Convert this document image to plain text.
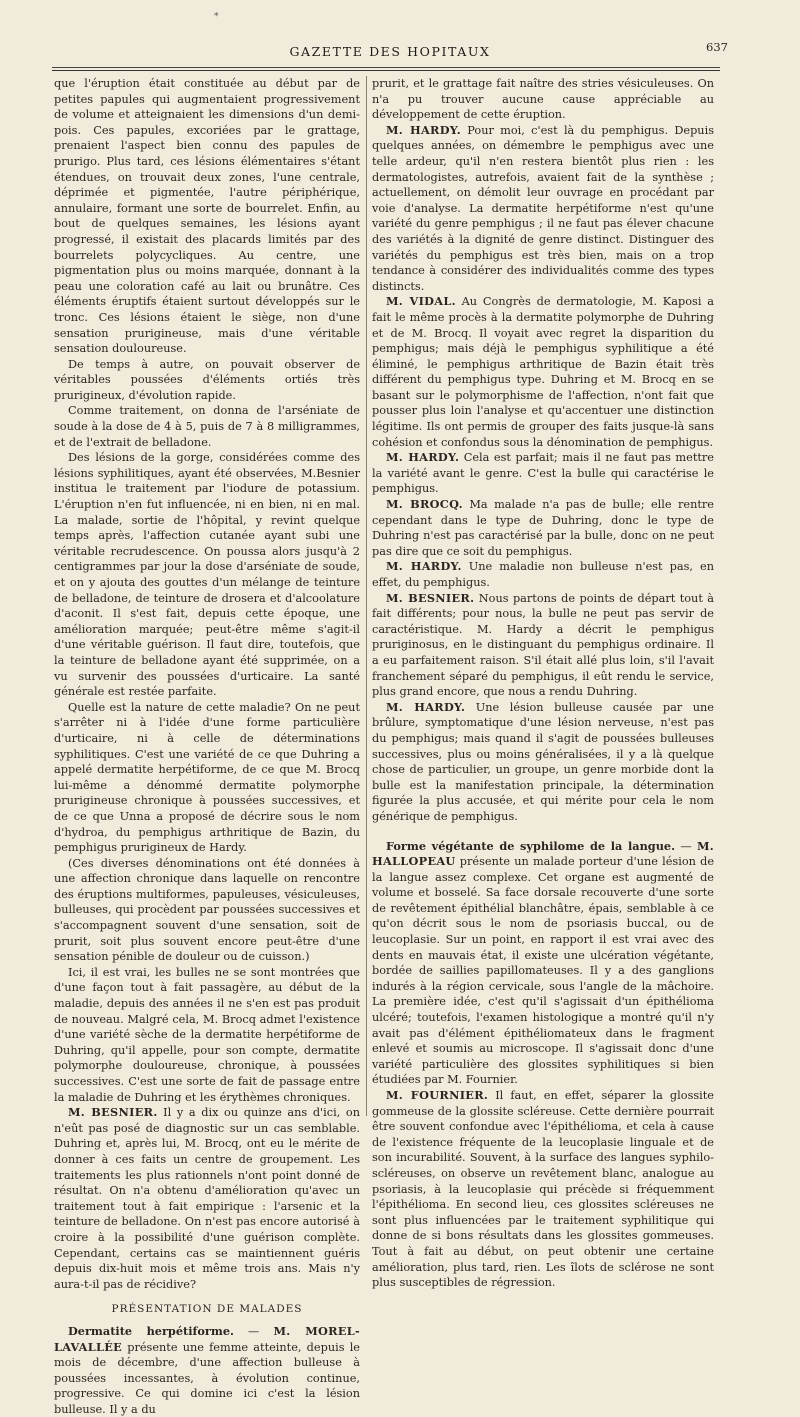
*
GAZETTE DES HOPITAUX	637

que l'éruption était constituée au début par de petites papules qui augmentaient progressivement de volume et atteignaient les dimensions d'un demi-pois. Ces papules, excoriées par le grattage, prenaient l'aspect bien connu des papules de prurigo. Plus tard, ces lésions élémentaires s'étant étendues, on trouvait deux zones, l'une centrale, déprimée et pigmentée, l'autre périphérique, annulaire, formant une sorte de bourrelet. Enfin, au bout de quelques semaines, les lésions ayant progressé, il existait des placards limités par des bourrelets polycycliques. Au centre, une pigmentation plus ou moins marquée, donnant à la peau une coloration café au lait ou brunâtre. Ces éléments éruptifs étaient surtout développés sur le tronc. Ces lésions étaient le siège, non d'une sensation prurigineuse, mais d'une véritable sensation douloureuse.

De temps à autre, on pouvait observer de véritables poussées d'éléments ortiés très prurigineux, d'évolution rapide.

Comme traitement, on donna de l'arséniate de soude à la dose de 4 à 5, puis de 7 à 8 milligrammes, et de l'extrait de belladone.

Des lésions de la gorge, considérées comme des lésions syphilitiques, ayant été observées, M.Besnier institua le traitement par l'iodure de potassium. L'éruption n'en fut influencée, ni en bien, ni en mal. La malade, sortie de l'hôpital, y revint quelque temps après, l'affection cutanée ayant subi une véritable recrudescence. On poussa alors jusqu'à 2 centigrammes par jour la dose d'arséniate de soude, et on y ajouta des gouttes d'un mélange de teinture de belladone, de teinture de drosera et d'alcoolature d'aconit. Il s'est fait, depuis cette époque, une amélioration marquée; peut-être même s'agit-il d'une véritable guérison. Il faut dire, toutefois, que la teinture de belladone ayant été supprimée, on a vu survenir des poussées d'urticaire. La santé générale est restée parfaite.

Quelle est la nature de cette maladie? On ne peut s'arrêter ni à l'idée d'une forme particulière d'urticaire, ni à celle de déterminations syphilitiques. C'est une variété de ce que Duhring a appelé dermatite herpétiforme, de ce que M. Brocq lui-même a dénommé dermatite polymorphe prurigineuse chronique à poussées successives, et de ce que Unna a proposé de décrire sous le nom d'hydroa, du pemphigus arthritique de Bazin, du pemphigus prurigineux de Hardy.

(Ces diverses dénominations ont été données à une affection chronique dans laquelle on rencontre des éruptions multiformes, papuleuses, vésiculeuses, bulleuses, qui procèdent par poussées successives et s'accompagnent souvent d'une sensation, soit de prurit, soit plus souvent encore peut-être d'une sensation pénible de douleur ou de cuisson.)

Ici, il est vrai, les bulles ne se sont montrées que d'une façon tout à fait passagère, au début de la maladie, depuis des années il ne s'en est pas produit de nouveau. Malgré cela, M. Brocq admet l'existence d'une variété sèche de la dermatite herpétiforme de Duhring, qu'il appelle, pour son compte, dermatite polymorphe douloureuse, chronique, à poussées successives. C'est une sorte de fait de passage entre la maladie de Duhring et les érythèmes chroniques.

M. BESNIER. Il y a dix ou quinze ans d'ici, on n'eût pas posé de diagnostic sur un cas semblable. Duhring et, après lui, M. Brocq, ont eu le mérite de donner à ces faits un centre de groupement. Les traitements les plus rationnels n'ont point donné de résultat. On n'a obtenu d'amélioration qu'avec un traitement tout à fait empirique : l'arsenic et la teinture de belladone. On n'est pas encore autorisé à croire à la possibilité d'une guérison complète. Cependant, certains cas se maintiennent guéris depuis dix-huit mois et même trois ans. Mais n'y aura-t-il pas de récidive?

PRÉSENTATION DE MALADES

Dermatite herpétiforme. — M. MOREL-LAVALLÉE présente une femme atteinte, depuis le mois de décembre, d'une affection bulleuse à poussées incessantes, à évolution continue, progressive. Ce qui domine ici c'est la lésion bulleuse. Il y a du

prurit, et le grattage fait naître des stries vésiculeuses. On n'a pu trouver aucune cause appréciable au développement de cette éruption.

M. HARDY. Pour moi, c'est là du pemphigus. Depuis quelques années, on démembre le pemphigus avec une telle ardeur, qu'il n'en restera bientôt plus rien : les dermatologistes, autrefois, avaient fait de la synthèse ; actuellement, on démolit leur ouvrage en procédant par voie d'analyse. La dermatite herpétiforme n'est qu'une variété du genre pemphigus ; il ne faut pas élever chacune des variétés à la dignité de genre distinct. Distinguer des variétés du pemphigus est très bien, mais on a trop tendance à considérer des individualités comme des types distincts.

M. VIDAL. Au Congrès de dermatologie, M. Kaposi a fait le même procès à la dermatite polymorphe de Duhring et de M. Brocq. Il voyait avec regret la disparition du pemphigus; mais déjà le pemphigus syphilitique a été éliminé, le pemphigus arthritique de Bazin était très différent du pemphigus type. Duhring et M. Brocq en se basant sur le polymorphisme de l'affection, n'ont fait que pousser plus loin l'analyse et qu'accentuer une distinction légitime. Ils ont permis de grouper des faits jusque-là sans cohésion et confondus sous la dénomination de pemphigus.

M. HARDY. Cela est parfait; mais il ne faut pas mettre la variété avant le genre. C'est la bulle qui caractérise le pemphigus.

M. BROCQ. Ma malade n'a pas de bulle; elle rentre cependant dans le type de Duhring, donc le type de Duhring n'est pas caractérisé par la bulle, donc on ne peut pas dire que ce soit du pemphigus.

M. HARDY. Une maladie non bulleuse n'est pas, en effet, du pemphigus.

M. BESNIER. Nous partons de points de départ tout à fait différents; pour nous, la bulle ne peut pas servir de caractéristique. M. Hardy a décrit le pemphigus pruriginosus, en le distinguant du pemphigus ordinaire. Il a eu parfaitement raison. S'il était allé plus loin, s'il l'avait franchement séparé du pemphigus, il eût rendu le service, plus grand encore, que nous a rendu Duhring.

M. HARDY. Une lésion bulleuse causée par une brûlure, symptomatique d'une lésion nerveuse, n'est pas du pemphigus; mais quand il s'agit de poussées bulleuses successives, plus ou moins généralisées, il y a là quelque chose de particulier, un groupe, un genre morbide dont la bulle est la manifestation principale, la détermination figurée la plus accusée, et qui mérite pour cela le nom générique de pemphigus.

Forme végétante de syphilome de la langue. — M. HALLOPEAU présente un malade porteur d'une lésion de la langue assez complexe. Cet organe est augmenté de volume et bosselé. Sa face dorsale recouverte d'une sorte de revêtement épithélial blanchâtre, épais, semblable à ce qu'on décrit sous le nom de psoriasis buccal, ou de leucoplasie. Sur un point, en rapport il est vrai avec des dents en mauvais état, il existe une ulcération végétante, bordée de saillies papillomateuses. Il y a des ganglions indurés à la région cervicale, sous l'angle de la mâchoire. La première idée, c'est qu'il s'agissait d'un épithélioma ulcéré; toutefois, l'examen histologique a montré qu'il n'y avait pas d'élément épithéliomateux dans le fragment enlevé et soumis au microscope. Il s'agissait donc d'une variété particulière des glossites syphilitiques si bien étudiées par M. Fournier.

M. FOURNIER. Il faut, en effet, séparer la glossite gommeuse de la glossite scléreuse. Cette dernière pourrait être souvent confondue avec l'épithélioma, et cela à cause de l'existence fréquente de la leucoplasie linguale et de son incurabilité. Souvent, à la surface des langues syphilo-scléreuses, on observe un revêtement blanc, analogue au psoriasis, à la leucoplasie qui précède si fréquemment l'épithélioma. En second lieu, ces glossites scléreuses ne sont plus influencées par le traitement syphilitique qui donne de si bons résultats dans les glossites gommeuses. Tout à fait au début, on peut obtenir une certaine amélioration, plus tard, rien. Les îlots de sclérose ne sont plus susceptibles de régression.
